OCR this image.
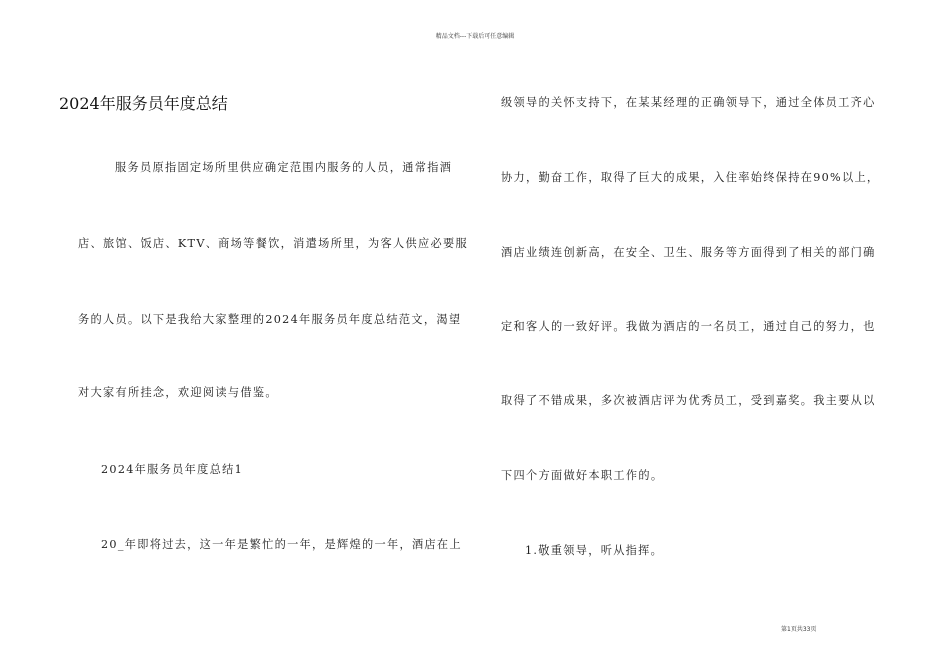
精品文档---下载后可任意编辑
2024年服务员年度总结
服务员原指固定场所里供应确定范围内服务的人员，通常指酒
店、旅馆、饭店、KTV、商场等餐饮，消遣场所里，为客人供应必要服
务的人员。以下是我给大家整理的2024年服务员年度总结范文，渴望
对大家有所挂念，欢迎阅读与借鉴。
2024年服务员年度总结1
20_年即将过去，这一年是繁忙的一年，是辉煌的一年，酒店在上
级领导的关怀支持下，在某某经理的正确领导下，通过全体员工齐心
协力，勤奋工作，取得了巨大的成果，入住率始终保持在90%以上，
酒店业绩连创新高，在安全、卫生、服务等方面得到了相关的部门确
定和客人的一致好评。我做为酒店的一名员工，通过自己的努力，也
取得了不错成果，多次被酒店评为优秀员工，受到嘉奖。我主要从以
下四个方面做好本职工作的。
1.敬重领导，听从指挥。
第1页共33页
